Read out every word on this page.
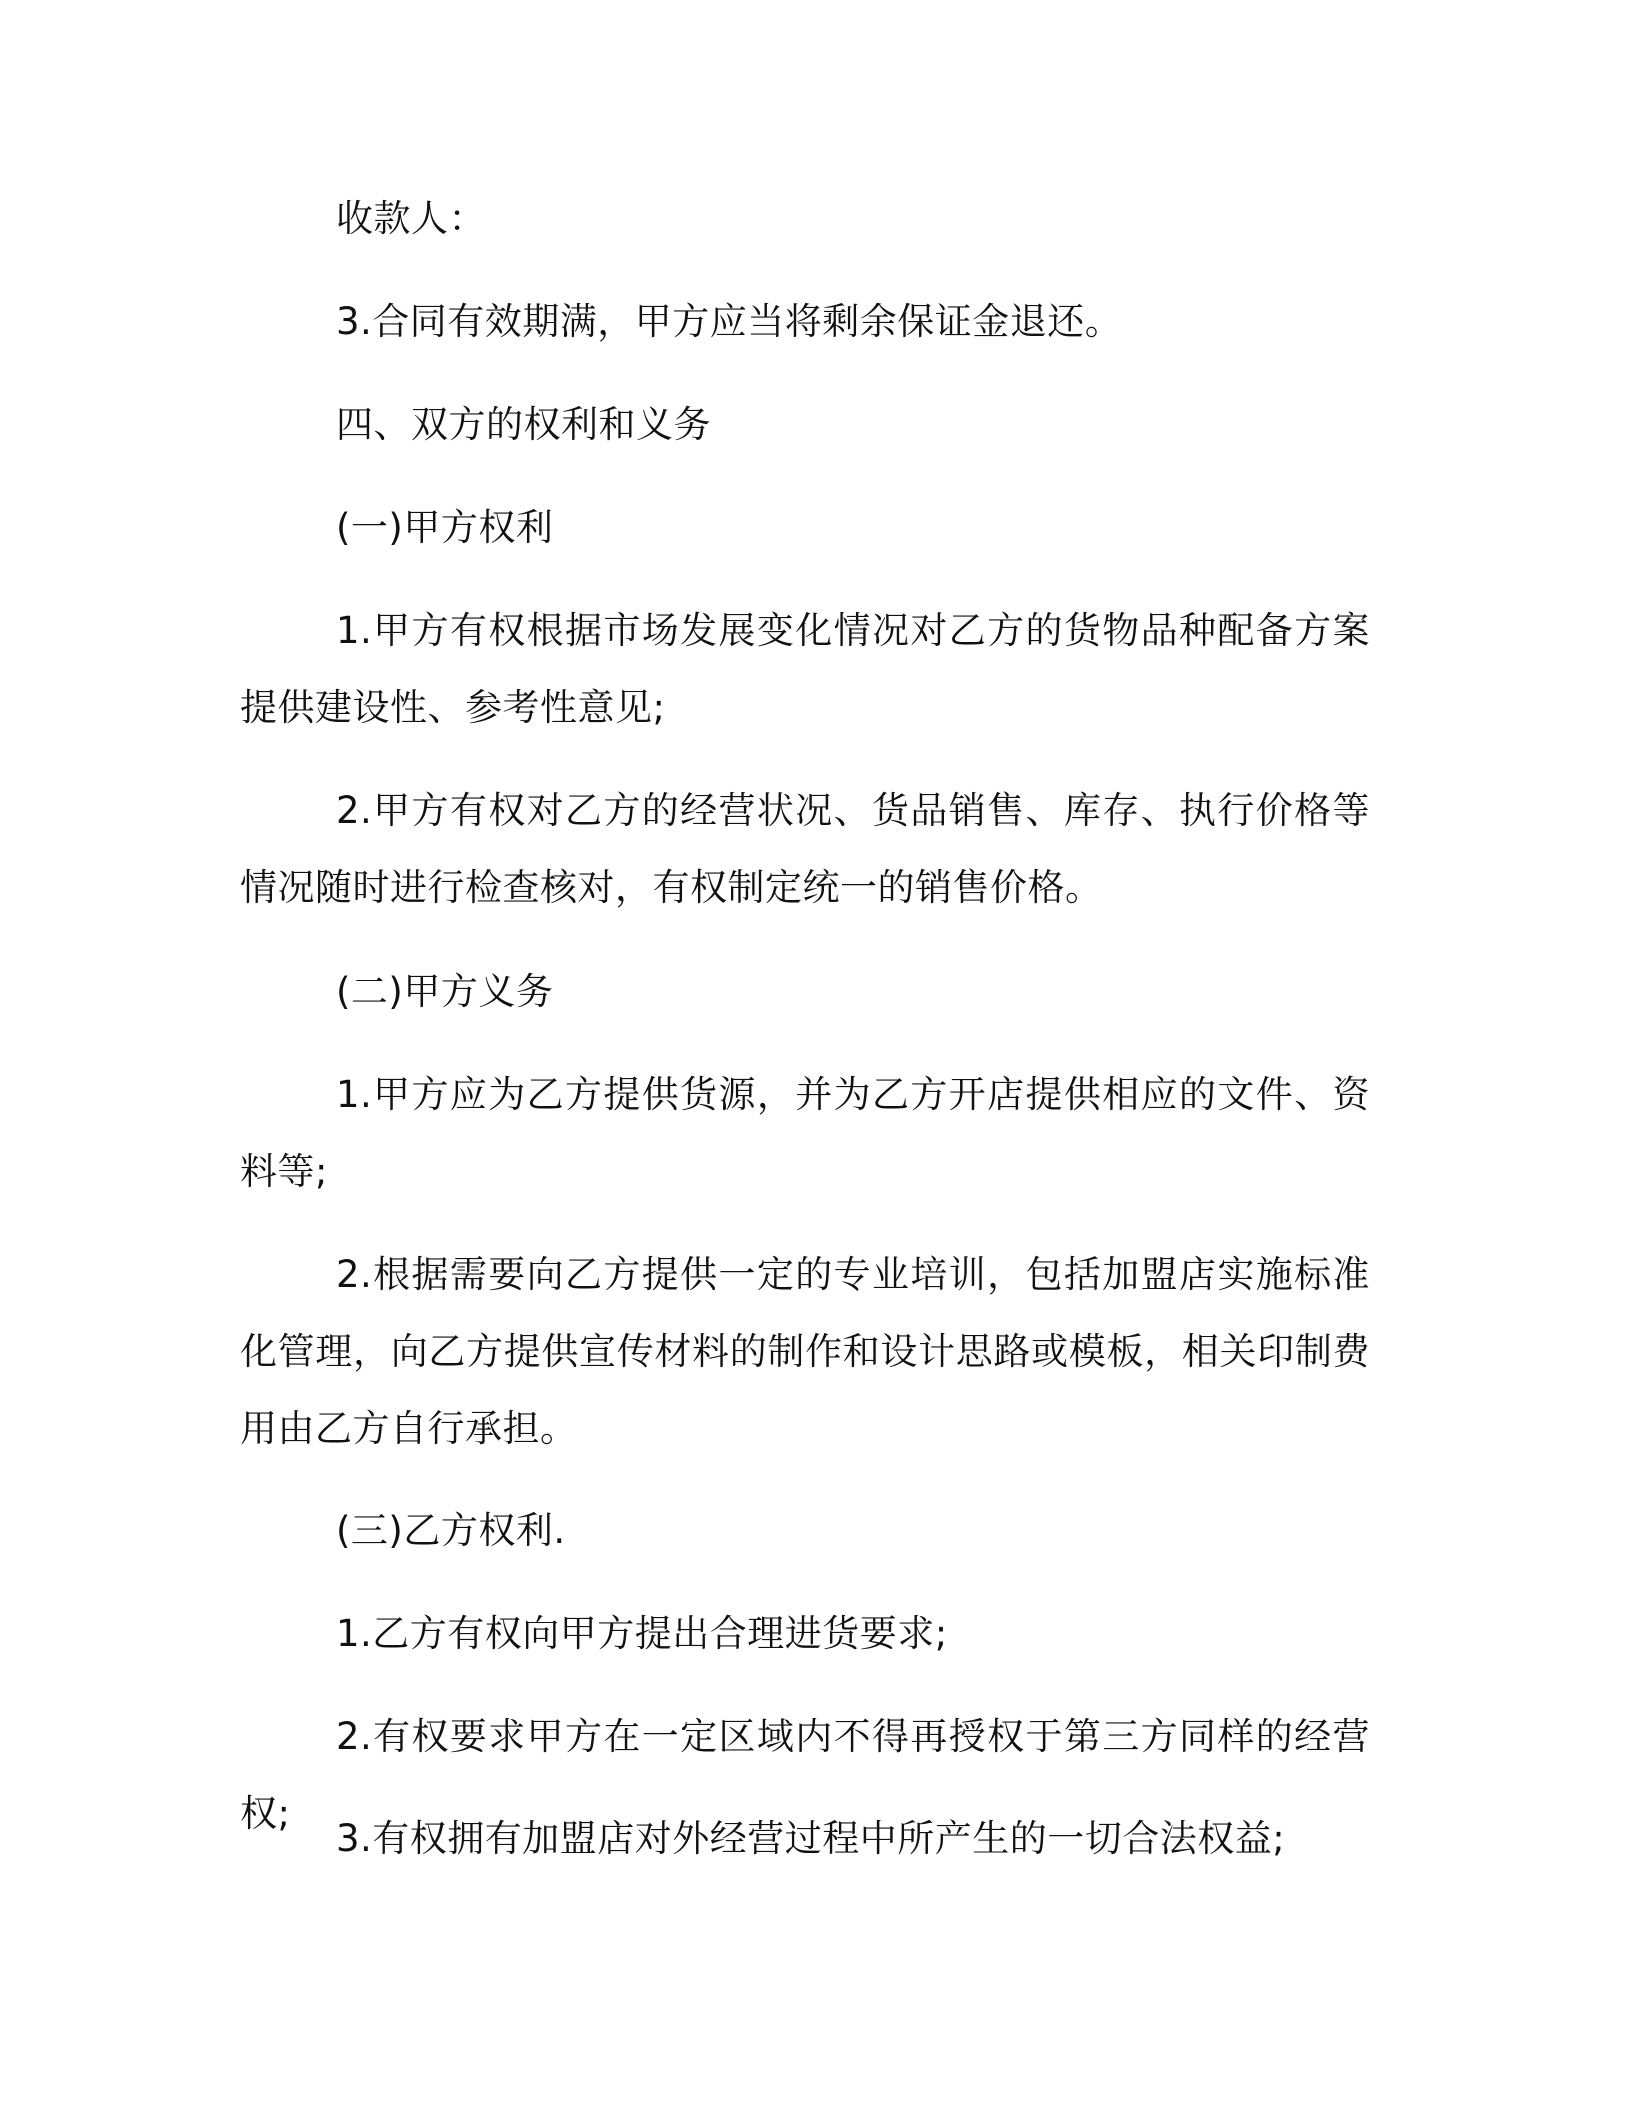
收款人：

3.合同有效期满，甲方应当将剩余保证金退还。

四、双方的权利和义务

(一)甲方权利

1.甲方有权根据市场发展变化情况对乙方的货物品种配备方案提供建设性、参考性意见;

2.甲方有权对乙方的经营状况、货品销售、库存、执行价格等情况随时进行检查核对，有权制定统一的销售价格。

(二)甲方义务

1.甲方应为乙方提供货源，并为乙方开店提供相应的文件、资料等;

2.根据需要向乙方提供一定的专业培训，包括加盟店实施标准化管理，向乙方提供宣传材料的制作和设计思路或模板，相关印制费用由乙方自行承担。

(三)乙方权利.

1.乙方有权向甲方提出合理进货要求;

2.有权要求甲方在一定区域内不得再授权于第三方同样的经营权;

3.有权拥有加盟店对外经营过程中所产生的一切合法权益;
